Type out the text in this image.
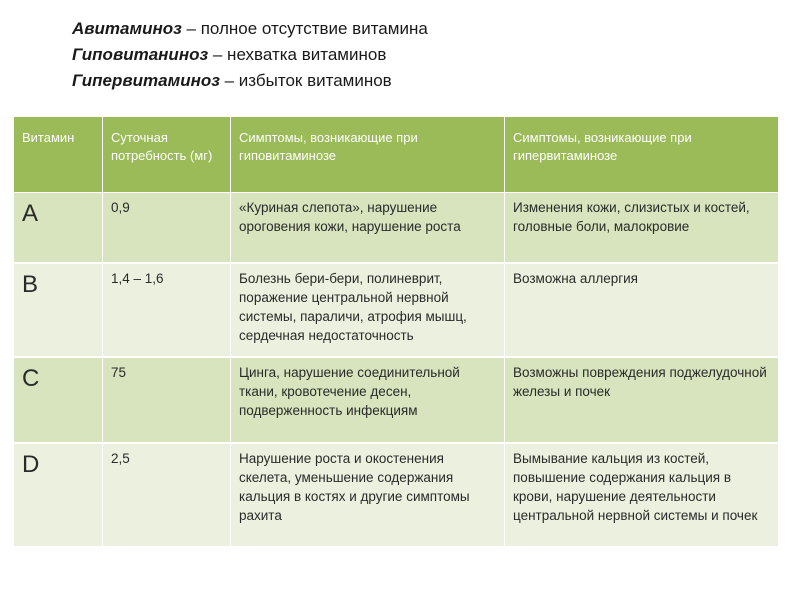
Авитаминоз – полное отсутствие витамина
Гиповитаниноз – нехватка витаминов
Гипервитаминоз – избыток витаминов
Витамин	Суточная потребность (мг)	Симптомы, возникающие при гиповитаминозе	Симптомы, возникающие при гипервитаминозе
A	0,9	«Куриная слепота», нарушение ороговения кожи, нарушение роста	Изменения кожи, слизистых и костей, головные боли, малокровие
B	1,4 – 1,6	Болезнь бери-бери, полиневрит, поражение центральной нервной системы, параличи, атрофия мышц, сердечная недостаточность	Возможна аллергия
C	75	Цинга, нарушение соединительной ткани, кровотечение десен, подверженность инфекциям	Возможны повреждения поджелудочной железы и почек
D	2,5	Нарушение роста и окостенения скелета, уменьшение содержания кальция в костях и другие симптомы рахита	Вымывание кальция из костей, повышение содержания кальция в крови, нарушение деятельности центральной нервной системы и почек
